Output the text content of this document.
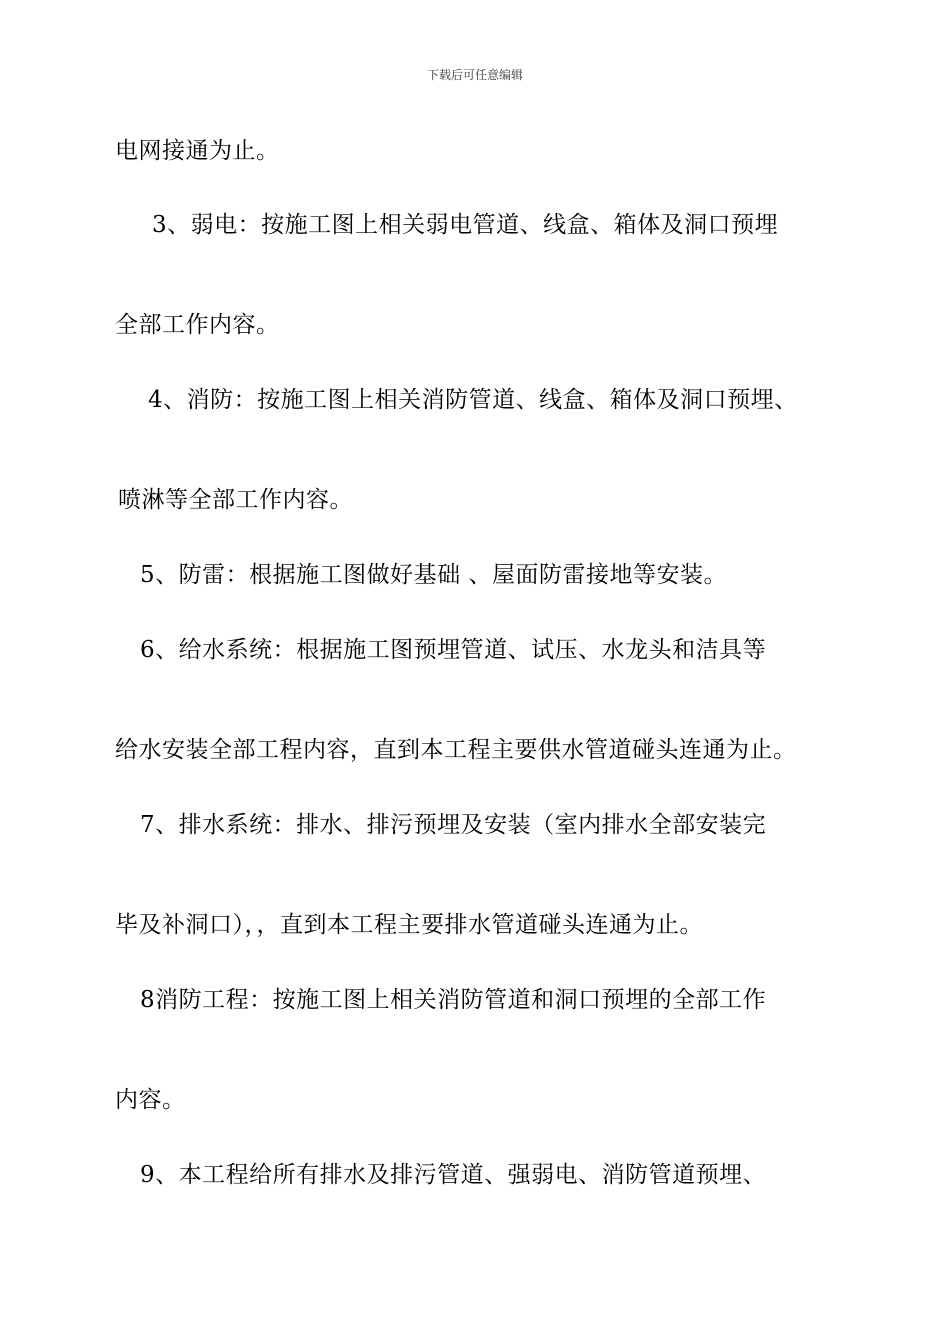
下载后可任意编辑
电网接通为止。
3、弱电：按施工图上相关弱电管道、线盒、箱体及洞口预埋
全部工作内容。
4、消防：按施工图上相关消防管道、线盒、箱体及洞口预埋、
喷淋等全部工作内容。
5、防雷：根据施工图做好基础 、屋面防雷接地等安装。
6、给水系统：根据施工图预埋管道、试压、水龙头和洁具等
给水安装全部工程内容，直到本工程主要供水管道碰头连通为止。
7、排水系统：排水、排污预埋及安装（室内排水全部安装完
毕及补洞口），，直到本工程主要排水管道碰头连通为止。
8消防工程：按施工图上相关消防管道和洞口预埋的全部工作
内容。
9、本工程给所有排水及排污管道、强弱电、消防管道预埋、
